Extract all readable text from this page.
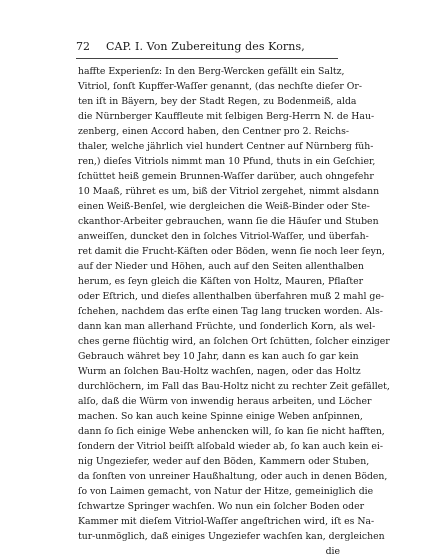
72 CAP. I. Von Zubereitung des Korns,
haffte Experienſz: In den Berg-Wercken gefällt ein Saltz,
Vitriol, ſonſt Kupffer-Waſſer genannt, (das nechſte dieſer Or-
ten iſt in Bäyern, bey der Stadt Regen, zu Bodenmeiß, alda
die Nürnberger Kauffleute mit ſelbigen Berg-Herrn N. de Hau-
zenberg, einen Accord haben, den Centner pro 2. Reichs-
thaler, welche jährlich viel hundert Centner auf Nürnberg füh-
ren,) dieſes Vitriols nimmt man 10 Pfund, thuts in ein Geſchier,
ſchüttet heiß gemein Brunnen-Waſſer darüber, auch ohngefehr
10 Maaß, rühret es um, biß der Vitriol zergehet, nimmt alsdann
einen Weiß-Benſel, wie dergleichen die Weiß-Binder oder Ste-
ckanthor-Arbeiter gebrauchen, wann ſie die Häuſer und Stuben
anweiſſen, duncket den in ſolches Vitriol-Waſſer, und überfah-
ret damit die Frucht-Käſten oder Böden, wenn ſie noch leer ſeyn,
auf der Nieder und Höhen, auch auf den Seiten allenthalben
herum, es ſeyn gleich die Käſten von Holtz, Mauren, Pflaſter
oder Eſtrich, und dieſes allenthalben überfahren muß 2 mahl ge-
ſchehen, nachdem das erſte einen Tag lang trucken worden. Als-
dann kan man allerhand Früchte, und ſonderlich Korn, als wel-
ches gerne flüchtig wird, an ſolchen Ort ſchütten, ſolcher einziger
Gebrauch währet bey 10 Jahr, dann es kan auch ſo gar kein
Wurm an ſolchen Bau-Holtz wachſen, nagen, oder das Holtz
durchlöchern, im Fall das Bau-Holtz nicht zu rechter Zeit gefället,
alſo, daß die Würm von inwendig heraus arbeiten, und Löcher
machen. So kan auch keine Spinne einige Weben anſpinnen,
dann ſo ſich einige Webe anhencken will, ſo kan ſie nicht hafften,
ſondern der Vitriol beiſſt alſobald wieder ab, ſo kan auch kein ei-
nig Ungeziefer, weder auf den Böden, Kammern oder Stuben,
da ſonſten von unreiner Haußhaltung, oder auch in denen Böden,
ſo von Laimen gemacht, von Natur der Hitze, gemeiniglich die
ſchwartze Springer wachſen. Wo nun ein ſolcher Boden oder
Kammer mit dieſem Vitriol-Waſſer angeſtrichen wird, iſt es Na-
tur-unmöglich, daß einiges Ungeziefer wachſen kan, dergleichen
die
